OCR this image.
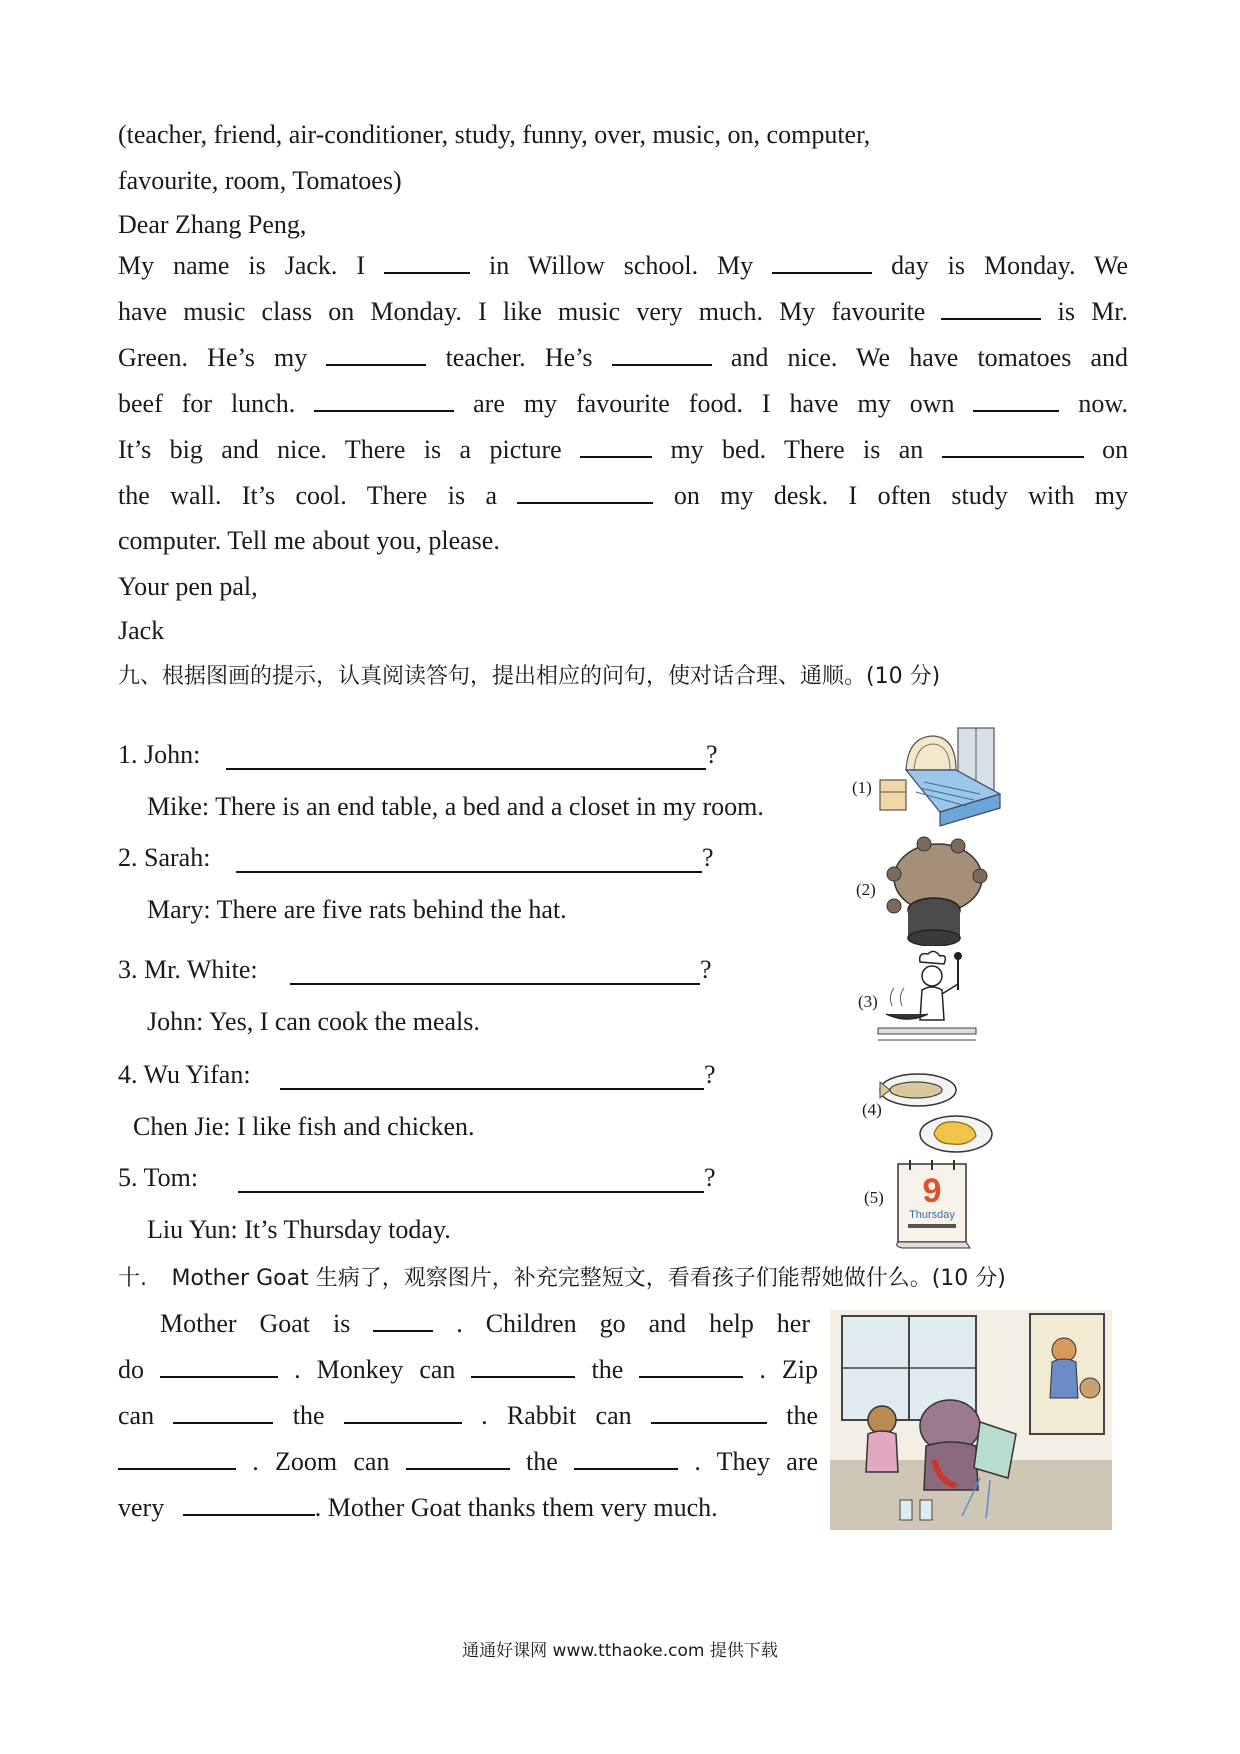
(teacher, friend, air-conditioner, study, funny, over, music, on, computer,
favourite, room, Tomatoes)
Dear Zhang Peng,
My name is Jack. I	in Willow school. My	day is Monday. We
have music class on Monday. I like music very much. My favourite	is Mr.
Green. He’s my	teacher. He’s	and nice. We have tomatoes and
beef for lunch.	are my favourite food. I have my own	now.
It’s big and nice. There is a picture	my bed. There is an	on
the wall. It’s cool. There is a	on my desk. I often study with my
computer. Tell me about you, please.
Your pen pal,
Jack
九、根据图画的提示，认真阅读答句，提出相应的问句，使对话合理、通顺。(10 分)
1. John:	?
Mike: There is an end table, a bed and a closet in my room.
2. Sarah:	?
Mary: There are five rats behind the hat.
3. Mr. White:	?
John: Yes, I can cook the meals.
4. Wu Yifan:	?
Chen Jie: I like fish and chicken.
5. Tom:	?
Liu Yun: It’s Thursday today.
(1)
(2)
(3)
(4)
(5) 9
Thursday
十. Mother Goat 生病了，观察图片，补充完整短文，看看孩子们能帮她做什么。(10 分)
Mother Goat is	. Children go and help her
do	. Monkey can	the	. Zip
can	the	. Rabbit can	the
. Zoom can	the	. They are
very	. Mother Goat thanks them very much.
通通好课网 www.tthaoke.com 提供下载
